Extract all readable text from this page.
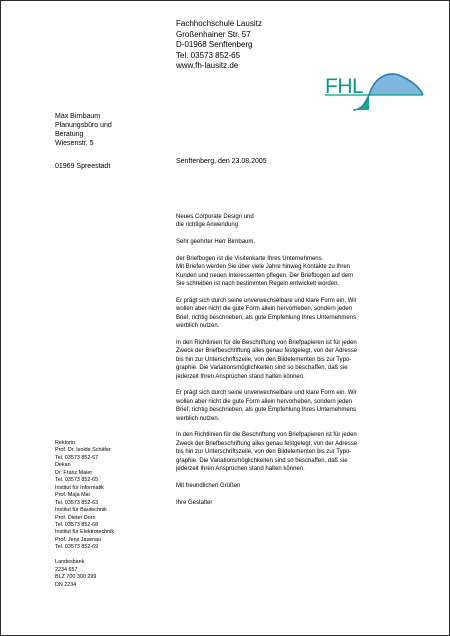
Fachhochschule Lausitz
Großenhainer Str. 57
D-01968 Senftenberg
Tel. 03573 852-65
www.fh-lausitz.de
FHL
Max Birnbaum
Planungsbüro und
Beratung
Wiesenstr. 5
01969 Spreestadt
Senftenberg, den 23.08.2005

Neues Corporate Design und
die richtige Anwendung

Sehr geehrter Herr Birnbaum,

der Briefbogen ist die Visitenkarte Ihres Unternehmens.
Mit Briefen werden Sie über viele Jahre hinweg Kontakte zu Ihren
Kunden und neuen Interessenten pflegen. Der Briefbogen auf dem
Sie schreiben ist nach bestimmten Regeln entwickelt worden.

Er prägt sich durch seine unverwechselbare und klare Form ein. Wir
wollen aber nicht die gute Form allein hervorheben, sondern jeden
Brief, richtig beschrieben, als gute Empfehlung Ihres Unternehmens
werblich nutzen.

In den Richtlinien für die Beschriftung von Briefpapieren ist für jeden
Zweck der Briefbeschriftung alles genau festgelegt, von der Adresse
bis hin zur Unterschriftszeile, von den Bildelementen bis zur Typo-
graphie. Die Variationsmöglichkeiten sind so beschaffen, daß sie
jederzeit Ihren Ansprüchen stand halten können.

Er prägt sich durch seine unverwechselbare und klare Form ein. Wir
wollen aber nicht die gute Form allein hervorheben, sondern jeden
Brief, richtig beschrieben, als gute Empfehlung Ihres Unternehmens
werblich nutzen.

In den Richtlinien für die Beschriftung von Briefpapieren ist für jeden
Zweck der Briefbeschriftung alles genau festgelegt, von der Adresse
bis hin zur Unterschriftszeile, von den Bildelementen bis zur Typo-
graphie. Die Variationsmöglichkeiten sind so beschaffen, daß sie
jederzeit Ihren Ansprüchen stand halten können.

Mit freundlichen Grüßen

Ihre Gestalter

Rektorin
Prof. Dr. Isolde Schäfer
Tel. 03573 852-67
Dekan
Dr. Franz Maier
Tel. 03573 852-65
Institut für Informatik
Prof. Maja Mai
Tel. 03573 852-63
Institut für Bautechnik
Prof. Dieter Dorn
Tel. 03573 852-68
Institut für Elektrotechnik
Prof. Jens Jasenau
Tel. 03573 852-69
Landesbank
2234 657
BLZ 700 300 299
DN 2234
